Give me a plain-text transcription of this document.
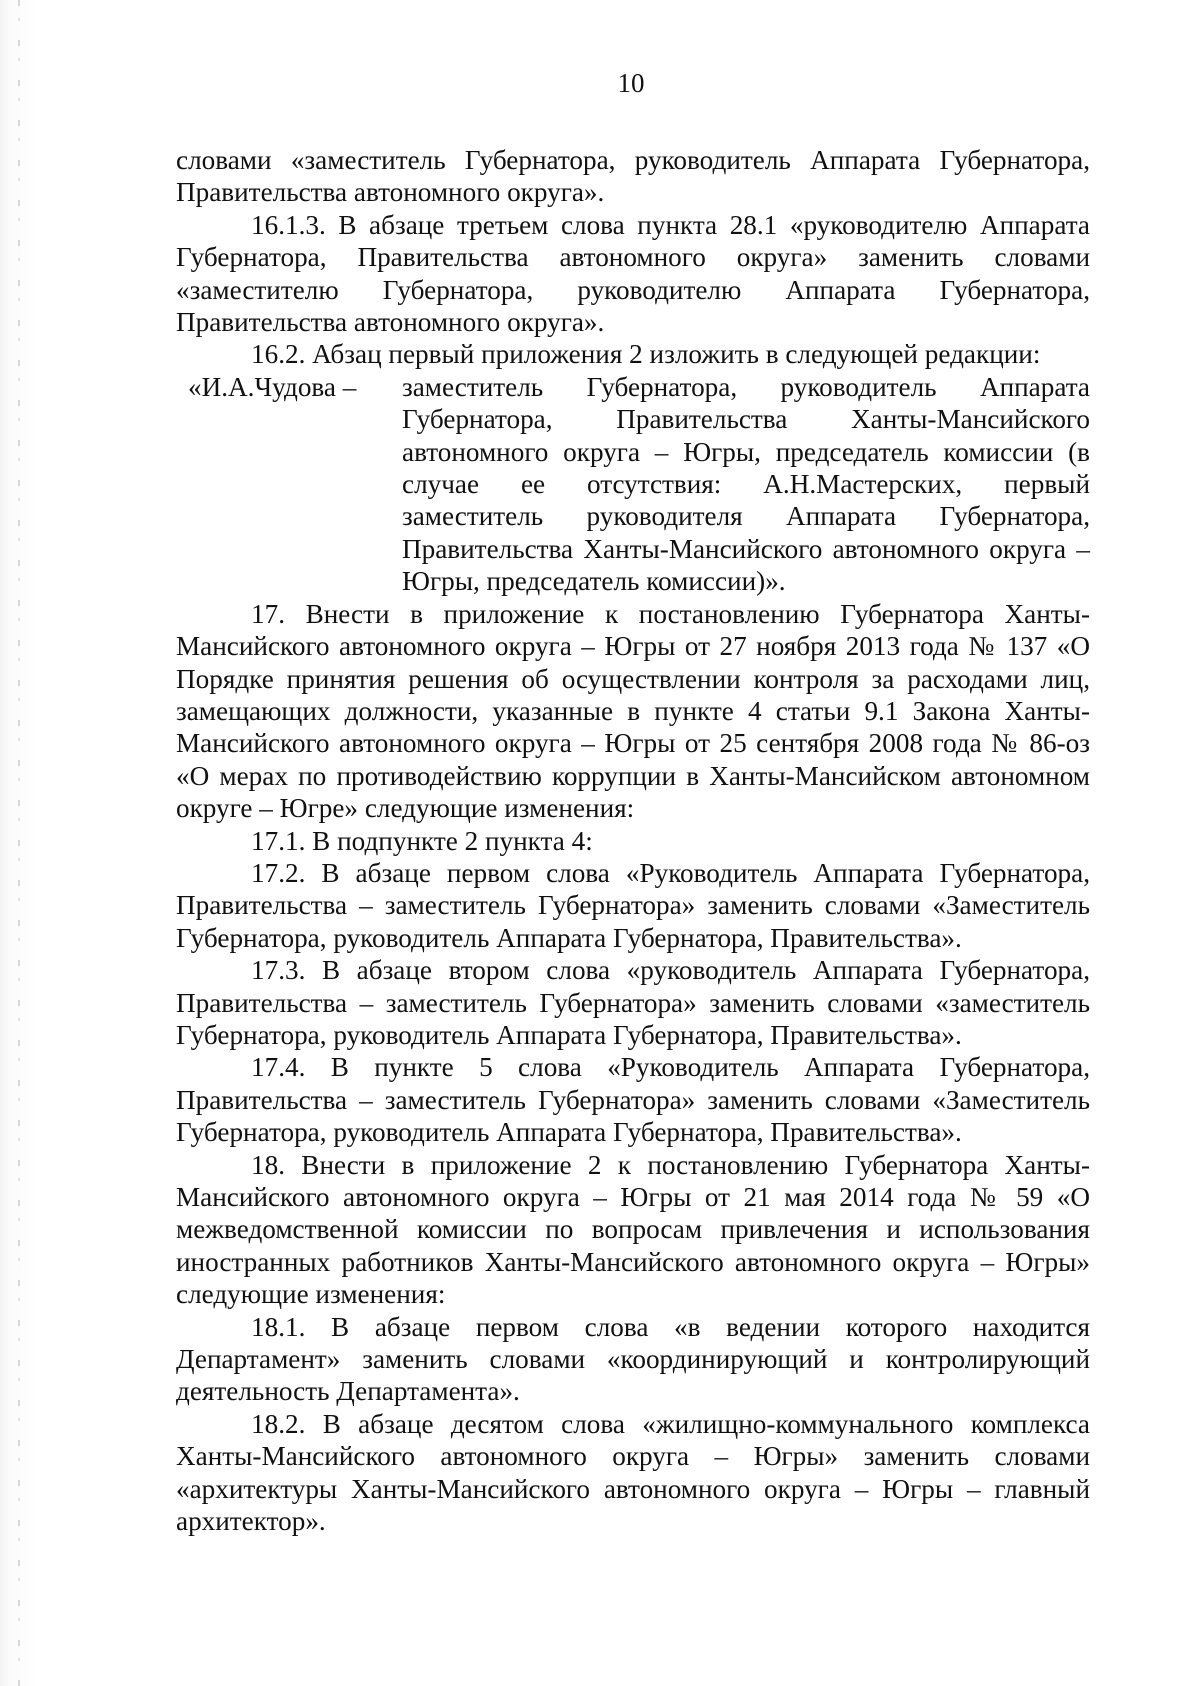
10

словами «заместитель Губернатора, руководитель Аппарата Губернатора, Правительства автономного округа».

16.1.3. В абзаце третьем слова пункта 28.1 «руководителю Аппарата Губернатора, Правительства автономного округа» заменить словами «заместителю Губернатора, руководителю Аппарата Губернатора, Правительства автономного округа».

16.2. Абзац первый приложения 2 изложить в следующей редакции:

«И.А.Чудова –	заместитель Губернатора, руководитель Аппарата Губернатора, Правительства Ханты-Мансийского автономного округа – Югры, председатель комиссии (в случае ее отсутствия: А.Н.Мастерских, первый заместитель руководителя Аппарата Губернатора, Правительства Ханты-Мансийского автономного округа – Югры, председатель комиссии)».

17. Внести в приложение к постановлению Губернатора Ханты-Мансийского автономного округа – Югры от 27 ноября 2013 года № 137 «О Порядке принятия решения об осуществлении контроля за расходами лиц, замещающих должности, указанные в пункте 4 статьи 9.1 Закона Ханты-Мансийского автономного округа – Югры от 25 сентября 2008 года № 86-оз «О мерах по противодействию коррупции в Ханты-Мансийском автономном округе – Югре» следующие изменения:

17.1. В подпункте 2 пункта 4:

17.2. В абзаце первом слова «Руководитель Аппарата Губернатора, Правительства – заместитель Губернатора» заменить словами «Заместитель Губернатора, руководитель Аппарата Губернатора, Правительства».

17.3. В абзаце втором слова «руководитель Аппарата Губернатора, Правительства – заместитель Губернатора» заменить словами «заместитель Губернатора, руководитель Аппарата Губернатора, Правительства».

17.4. В пункте 5 слова «Руководитель Аппарата Губернатора, Правительства – заместитель Губернатора» заменить словами «Заместитель Губернатора, руководитель Аппарата Губернатора, Правительства».

18. Внести в приложение 2 к постановлению Губернатора Ханты-Мансийского автономного округа – Югры от 21 мая 2014 года № 59 «О межведомственной комиссии по вопросам привлечения и использования иностранных работников Ханты-Мансийского автономного округа – Югры» следующие изменения:

18.1. В абзаце первом слова «в ведении которого находится Департамент» заменить словами «координирующий и контролирующий деятельность Департамента».

18.2. В абзаце десятом слова «жилищно-коммунального комплекса Ханты-Мансийского автономного округа – Югры» заменить словами «архитектуры Ханты-Мансийского автономного округа – Югры – главный архитектор».
